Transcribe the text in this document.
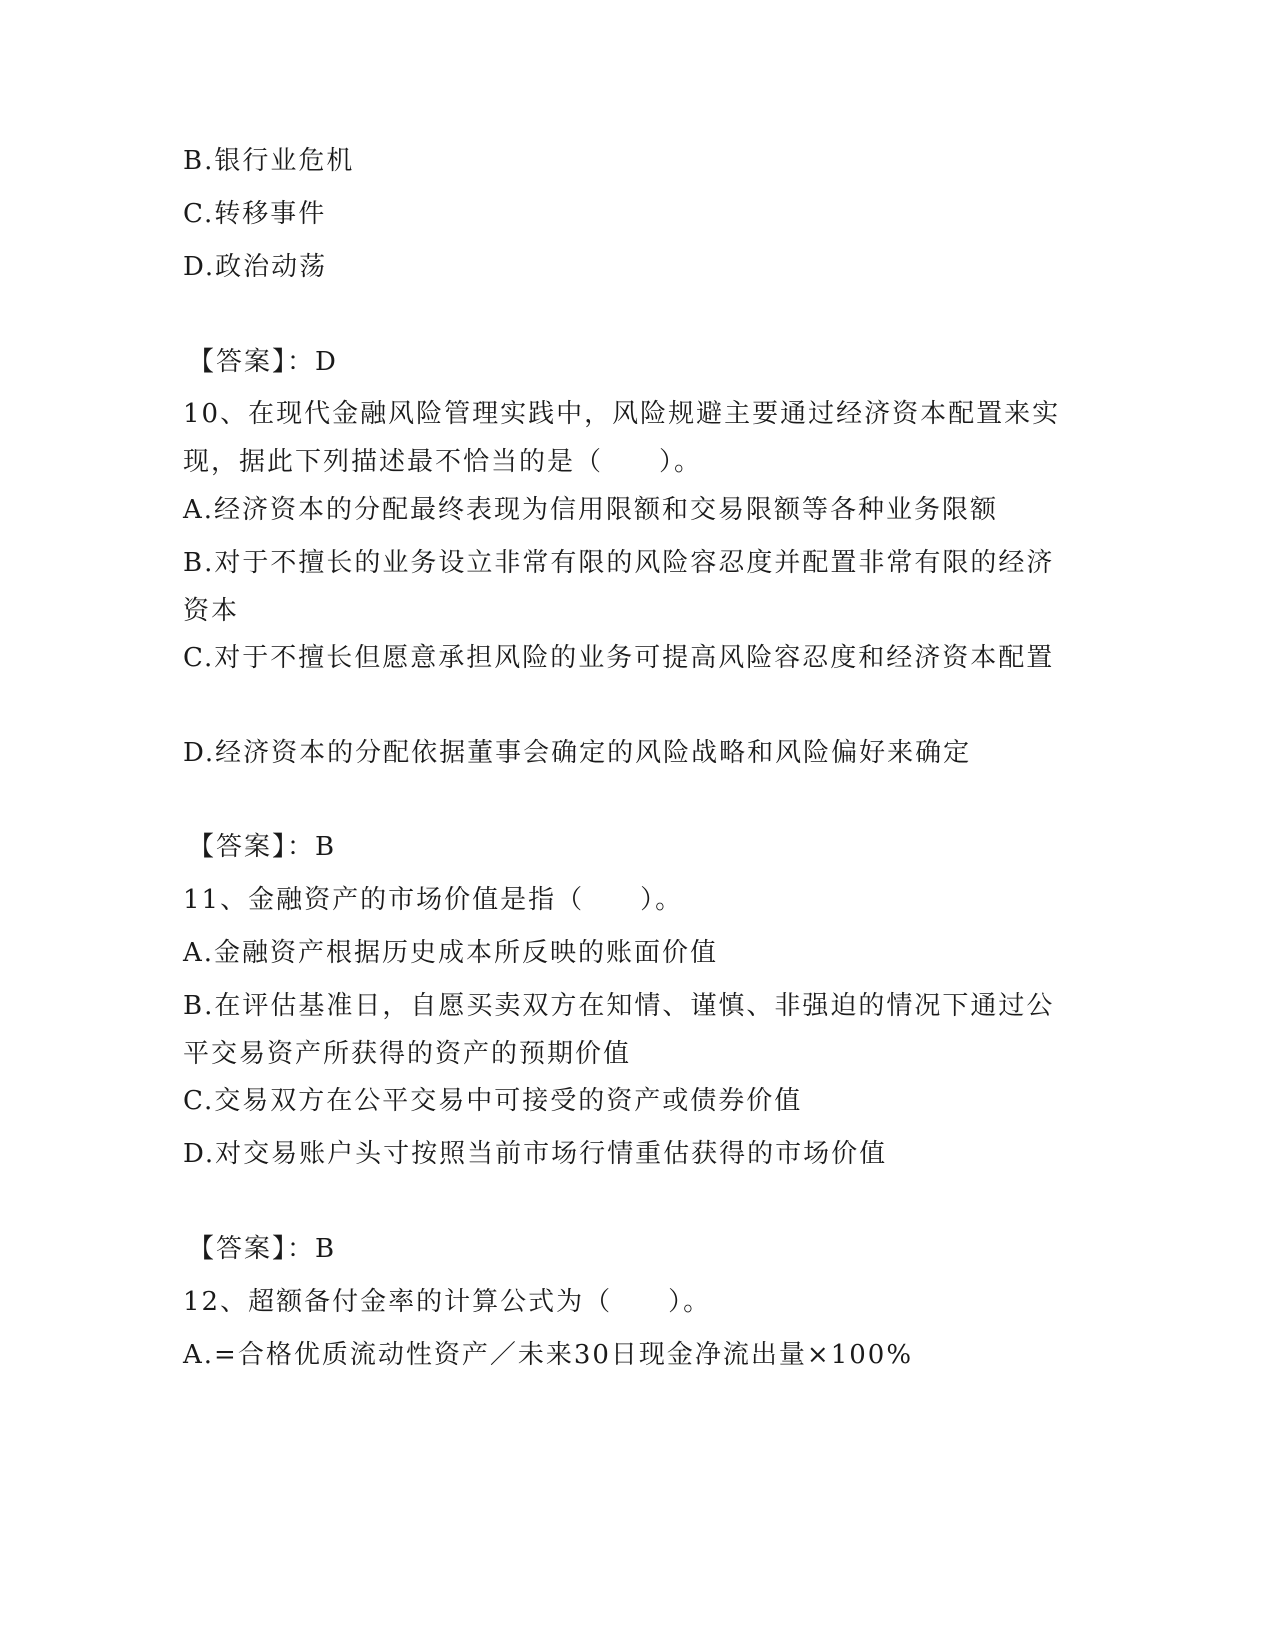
B.银行业危机
C.转移事件
D.政治动荡
【答案】：D
10、在现代金融风险管理实践中，风险规避主要通过经济资本配置来实现，据此下列描述最不恰当的是（　　）。
A.经济资本的分配最终表现为信用限额和交易限额等各种业务限额
B.对于不擅长的业务设立非常有限的风险容忍度并配置非常有限的经济资本
C.对于不擅长但愿意承担风险的业务可提高风险容忍度和经济资本配置
D.经济资本的分配依据董事会确定的风险战略和风险偏好来确定
【答案】：B
11、金融资产的市场价值是指（　　）。
A.金融资产根据历史成本所反映的账面价值
B.在评估基准日，自愿买卖双方在知情、谨慎、非强迫的情况下通过公平交易资产所获得的资产的预期价值
C.交易双方在公平交易中可接受的资产或债券价值
D.对交易账户头寸按照当前市场行情重估获得的市场价值
【答案】：B
12、超额备付金率的计算公式为（　　）。
A.=合格优质流动性资产／未来30日现金净流出量×100%
